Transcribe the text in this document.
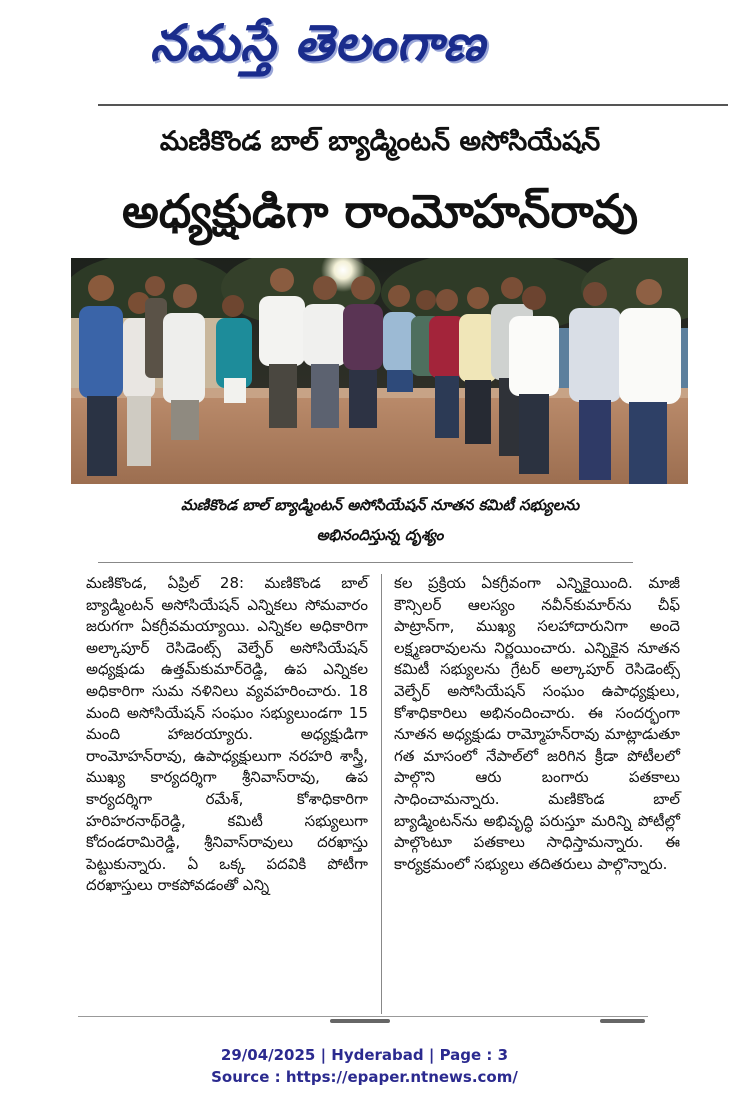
నమస్తే తెలంగాణ
మణికొండ బాల్ బ్యాడ్మింటన్ అసోసియేషన్
అధ్యక్షుడిగా రాంమోహన్‌రావు
మణికొండ బాల్ బ్యాడ్మింటన్ అసోసియేషన్ నూతన కమిటీ సభ్యులను
అభినందిస్తున్న దృశ్యం
మణికొండ, ఏప్రిల్ 28: మణికొండ బాల్ బ్యాడ్మింటన్ అసోసియేషన్ ఎన్నికలు సోమవారం జరుగగా ఏకగ్రీవమయ్యాయి. ఎన్నికల అధికారిగా అల్కాపూర్ రెసిడెంట్స్ వెల్ఫేర్ అసోసియేషన్ అధ్యక్షుడు ఉత్తమ్‌కుమార్‌రెడ్డి, ఉప ఎన్నికల అధికారిగా సుమ నళినిలు వ్యవహరించారు. 18 మంది అసోసియేషన్ సంఘం సభ్యులుండగా 15 మంది హాజరయ్యారు. అధ్యక్షుడిగా రాంమోహన్‌రావు, ఉపాధ్యక్షులుగా నరహరి శాస్త్రీ, ముఖ్య కార్యదర్శిగా శ్రీనివాస్‌రావు, ఉప కార్యదర్శిగా రమేశ్, కోశాధికారిగా హరిహరనాథ్‌రెడ్డి, కమిటీ సభ్యులుగా కోదండరామిరెడ్డి, శ్రీనివాస్‌రావులు దరఖాస్తు పెట్టుకున్నారు. ఏ ఒక్క పదవికి పోటీగా దరఖాస్తులు రాకపోవడంతో ఎన్ని
కల ప్రక్రియ ఏకగ్రీవంగా ఎన్నికైయింది. మాజీ కౌన్సిలర్ ఆలస్యం నవీన్‌కుమార్‌ను చీఫ్ పాట్రాన్‌గా, ముఖ్య సలహాదారునిగా అందె లక్ష్మణరావులను నిర్ణయించారు. ఎన్నికైన నూతన కమిటీ సభ్యులను గ్రేటర్ అల్కాపూర్ రెసిడెంట్స్ వెల్ఫేర్ అసోసియేషన్ సంఘం ఉపాధ్యక్షులు, కోశాధికారిలు అభినందించారు. ఈ సందర్భంగా నూతన అధ్యక్షుడు రామ్మోహన్‌రావు మాట్లాడుతూ గత మాసంలో నేపాల్‌లో జరిగిన క్రీడా పోటీలలో పాల్గొని ఆరు బంగారు పతకాలు సాధించామన్నారు. మణికొండ బాల్ బ్యాడ్మింటన్‌ను అభివృద్ధి పరుస్తూ మరిన్ని పోటీల్లో పాల్గొంటూ పతకాలు సాధిస్తామన్నారు. ఈ కార్యక్రమంలో సభ్యులు తదితరులు పాల్గొన్నారు.
29/04/2025 | Hyderabad | Page : 3
Source : https://epaper.ntnews.com/
